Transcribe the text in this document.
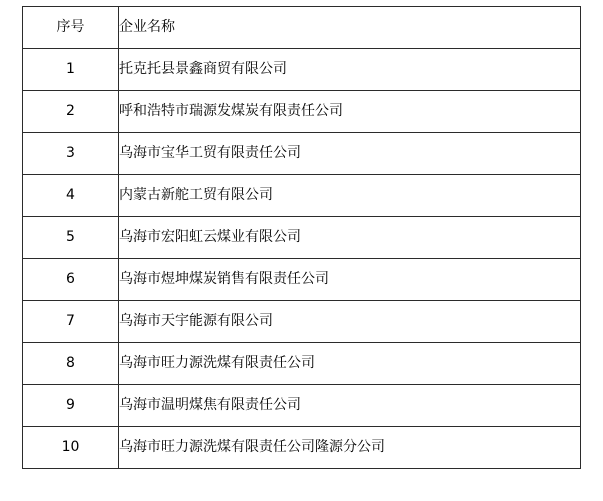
序号	企业名称
1	托克托县景鑫商贸有限公司
2	呼和浩特市瑞源发煤炭有限责任公司
3	乌海市宝华工贸有限责任公司
4	内蒙古新舵工贸有限公司
5	乌海市宏阳虹云煤业有限公司
6	乌海市煜坤煤炭销售有限责任公司
7	乌海市天宇能源有限公司
8	乌海市旺力源洗煤有限责任公司
9	乌海市温明煤焦有限责任公司
10	乌海市旺力源洗煤有限责任公司隆源分公司
